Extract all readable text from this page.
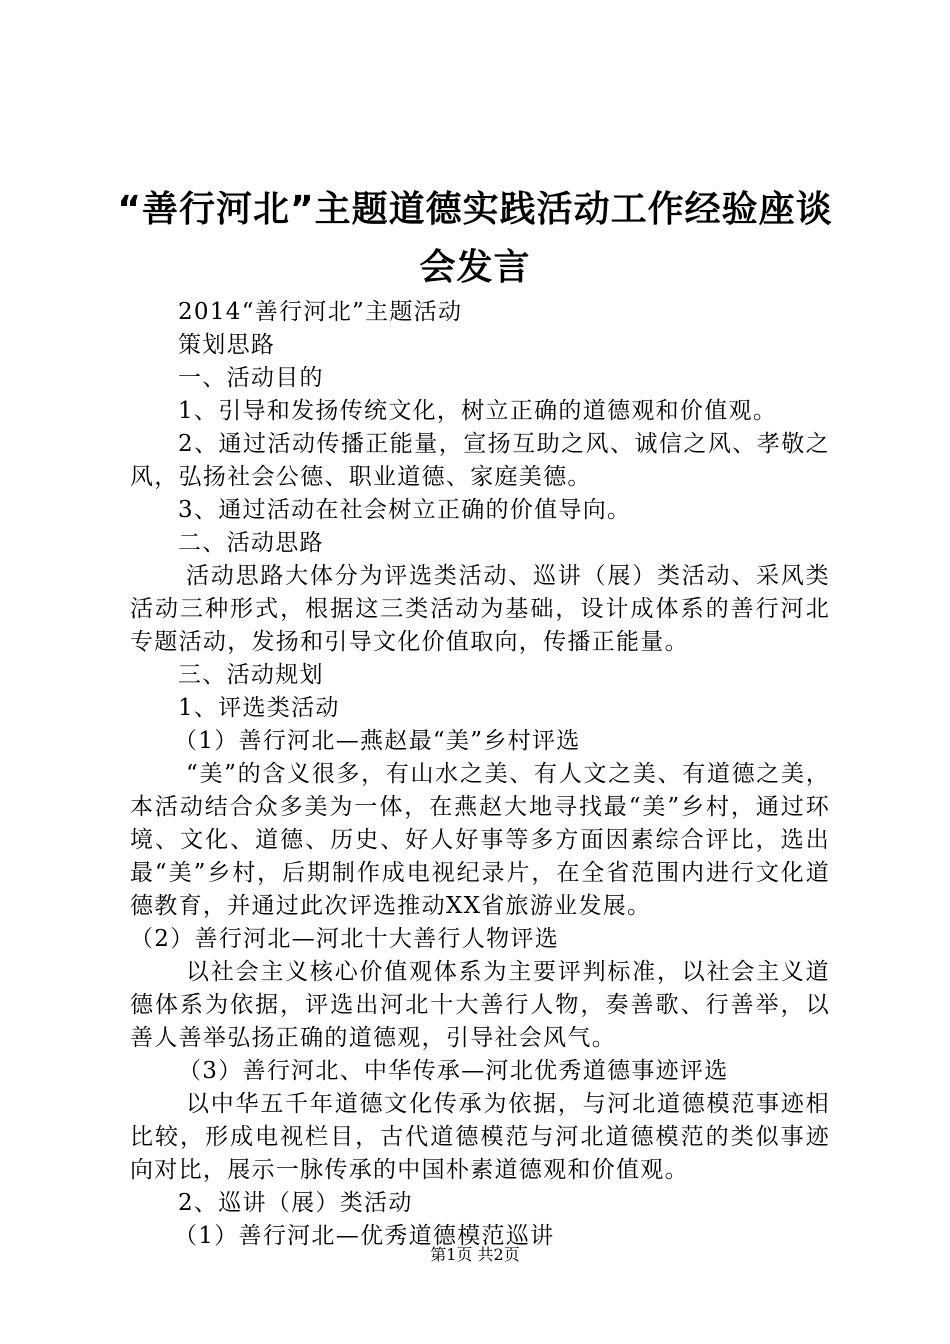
“善行河北”主题道德实践活动工作经验座谈
会发言

2014“善行河北”主题活动

策划思路

一、活动目的

1、引导和发扬传统文化，树立正确的道德观和价值观。

2、通过活动传播正能量，宣扬互助之风、诚信之风、孝敬之风，弘扬社会公德、职业道德、家庭美德。

3、通过活动在社会树立正确的价值导向。

二、活动思路

活动思路大体分为评选类活动、巡讲（展）类活动、采风类活动三种形式，根据这三类活动为基础，设计成体系的善行河北专题活动，发扬和引导文化价值取向，传播正能量。

三、活动规划

1、评选类活动

（1）善行河北—燕赵最“美”乡村评选

“美”的含义很多，有山水之美、有人文之美、有道德之美，本活动结合众多美为一体，在燕赵大地寻找最“美”乡村，通过环境、文化、道德、历史、好人好事等多方面因素综合评比，选出最“美”乡村，后期制作成电视纪录片，在全省范围内进行文化道德教育，并通过此次评选推动XX省旅游业发展。

（2）善行河北—河北十大善行人物评选

以社会主义核心价值观体系为主要评判标准，以社会主义道德体系为依据，评选出河北十大善行人物，奏善歌、行善举，以善人善举弘扬正确的道德观，引导社会风气。

（3）善行河北、中华传承—河北优秀道德事迹评选

以中华五千年道德文化传承为依据，与河北道德模范事迹相比较，形成电视栏目，古代道德模范与河北道德模范的类似事迹向对比，展示一脉传承的中国朴素道德观和价值观。

2、巡讲（展）类活动

（1）善行河北—优秀道德模范巡讲

第1页 共2页
